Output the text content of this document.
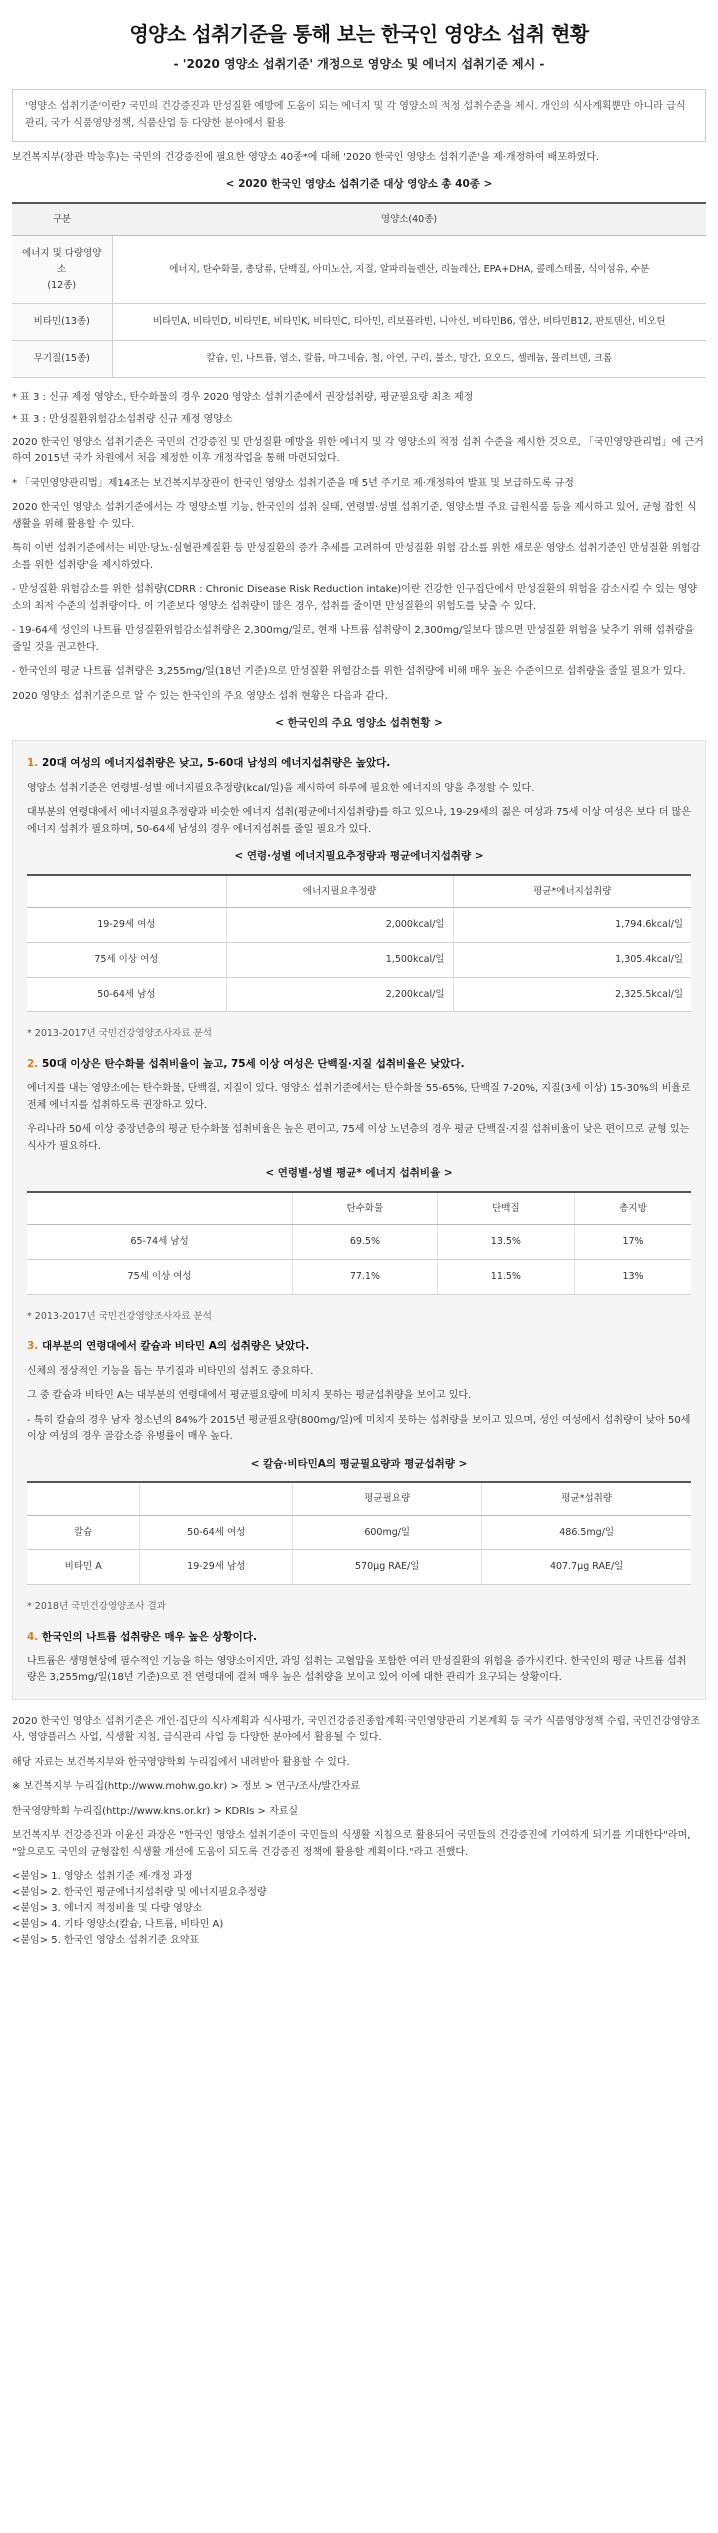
영양소 섭취기준을 통해 보는 한국인 영양소 섭취 현황
- '2020 영양소 섭취기준' 개정으로 영양소 및 에너지 섭취기준 제시 -
'영양소 섭취기준'이란? 국민의 건강증진과 만성질환 예방에 도움이 되는 에너지 및 각 영양소의 적정 섭취수준을 제시. 개인의 식사계획뿐만 아니라 급식관리, 국가 식품영양정책, 식품산업 등 다양한 분야에서 활용

보건복지부(장관 박능후)는 국민의 건강증진에 필요한 영양소 40종*에 대해 '2020 한국인 영양소 섭취기준'을 제·개정하여 배포하였다.

< 2020 한국인 영양소 섭취기준 대상 영양소 총 40종 >
구분	영양소(40종)
에너지 및 다량영양소
(12종)	에너지, 탄수화물, 총당류, 단백질, 아미노산, 지질, 알파리놀렌산, 리놀레산, EPA+DHA, 콜레스테롤, 식이섬유, 수분
비타민(13종)	비타민A, 비타민D, 비타민E, 비타민K, 비타민C, 티아민, 리보플라빈, 니아신, 비타민B6, 엽산, 비타민B12, 판토텐산, 비오틴
무기질(15종)	칼슘, 인, 나트륨, 염소, 칼륨, 마그네슘, 철, 아연, 구리, 불소, 망간, 요오드, 셀레늄, 몰리브덴, 크롬

* 표 3 : 신규 제정 영양소, 탄수화물의 경우 2020 영양소 섭취기준에서 권장섭취량, 평균필요량 최초 제정

* 표 3 : 만성질환위험감소섭취량 신규 제정 영양소

2020 한국인 영양소 섭취기준은 국민의 건강증진 및 만성질환 예방을 위한 에너지 및 각 영양소의 적정 섭취 수준을 제시한 것으로, 「국민영양관리법」에 근거하여 2015년 국가 차원에서 처음 제정한 이후 개정작업을 통해 마련되었다.

* 「국민영양관리법」제14조는 보건복지부장관이 한국인 영양소 섭취기준을 매 5년 주기로 제·개정하여 발표 및 보급하도록 규정

2020 한국인 영양소 섭취기준에서는 각 영양소별 기능, 한국인의 섭취 실태, 연령별·성별 섭취기준, 영양소별 주요 급원식품 등을 제시하고 있어, 균형 잡힌 식생활을 위해 활용할 수 있다.

특히 이번 섭취기준에서는 비만·당뇨·심혈관계질환 등 만성질환의 증가 추세를 고려하여 만성질환 위험 감소를 위한 새로운 영양소 섭취기준인 만성질환 위험감소를 위한 섭취량'을 제시하였다.

- 만성질환 위험감소를 위한 섭취량(CDRR : Chronic Disease Risk Reduction intake)이란 건강한 인구집단에서 만성질환의 위험을 감소시킬 수 있는 영양소의 최저 수준의 섭취량이다. 이 기준보다 영양소 섭취량이 많은 경우, 섭취를 줄이면 만성질환의 위험도를 낮출 수 있다.

- 19-64세 성인의 나트륨 만성질환위험감소섭취량은 2,300mg/일로, 현재 나트륨 섭취량이 2,300mg/일보다 많으면 만성질환 위험을 낮추기 위해 섭취량을 줄일 것을 권고한다.

- 한국인의 평균 나트륨 섭취량은 3,255mg/일(18년 기준)으로 만성질환 위험감소를 위한 섭취량에 비해 매우 높은 수준이므로 섭취량을 줄일 필요가 있다.

2020 영양소 섭취기준으로 알 수 있는 한국인의 주요 영양소 섭취 현황은 다음과 같다.

< 한국인의 주요 영양소 섭취현황 >
1. 20대 여성의 에너지섭취량은 낮고, 5-60대 남성의 에너지섭취량은 높았다.

영양소 섭취기준은 연령별·성별 에너지필요추정량(kcal/일)을 제시하여 하루에 필요한 에너지의 양을 추정할 수 있다.

대부분의 연령대에서 에너지필요추정량과 비슷한 에너지 섭취(평균에너지섭취량)를 하고 있으나, 19-29세의 젊은 여성과 75세 이상 여성은 보다 더 많은 에너지 섭취가 필요하며, 50-64세 남성의 경우 에너지섭취를 줄일 필요가 있다.

< 연령·성별 에너지필요추정량과 평균에너지섭취량 >
	에너지필요추정량	평균*에너지섭취량
19-29세 여성	2,000kcal/일	1,794.6kcal/일
75세 이상 여성	1,500kcal/일	1,305.4kcal/일
50-64세 남성	2,200kcal/일	2,325.5kcal/일

* 2013-2017년 국민건강영양조사자료 분석

2. 50대 이상은 탄수화물 섭취비율이 높고, 75세 이상 여성은 단백질·지질 섭취비율은 낮았다.

에너지를 내는 영양소에는 탄수화물, 단백질, 지질이 있다. 영양소 섭취기준에서는 탄수화물 55-65%, 단백질 7-20%, 지질(3세 이상) 15-30%의 비율로 전체 에너지를 섭취하도록 권장하고 있다.

우리나라 50세 이상 중장년층의 평균 탄수화물 섭취비율은 높은 편이고, 75세 이상 노년층의 경우 평균 단백질·지질 섭취비율이 낮은 편이므로 균형 있는 식사가 필요하다.

< 연령별·성별 평균* 에너지 섭취비율 >
	탄수화물	단백질	총지방
65-74세 남성	69.5%	13.5%	17%
75세 이상 여성	77.1%	11.5%	13%

* 2013-2017년 국민건강영양조사자료 분석

3. 대부분의 연령대에서 칼슘과 비타민 A의 섭취량은 낮았다.

신체의 정상적인 기능을 돕는 무기질과 비타민의 섭취도 중요하다.

그 중 칼슘과 비타민 A는 대부분의 연령대에서 평균필요량에 미치지 못하는 평균섭취량을 보이고 있다.

- 특히 칼슘의 경우 남자 청소년의 84%가 2015년 평균필요량(800mg/일)에 미치지 못하는 섭취량을 보이고 있으며, 성인 여성에서 섭취량이 낮아 50세 이상 여성의 경우 골감소증 유병률이 매우 높다.

< 칼슘·비타민A의 평균필요량과 평균섭취량 >
		평균필요량	평균*섭취량
칼슘	50-64세 여성	600mg/일	486.5mg/일
비타민 A	19-29세 남성	570μg RAE/일	407.7μg RAE/일

* 2018년 국민건강영양조사 결과

4. 한국인의 나트륨 섭취량은 매우 높은 상황이다.

나트륨은 생명현상에 필수적인 기능을 하는 영양소이지만, 과잉 섭취는 고혈압을 포함한 여러 만성질환의 위험을 증가시킨다. 한국인의 평균 나트륨 섭취량은 3,255mg/일(18년 기준)으로 전 연령대에 걸쳐 매우 높은 섭취량을 보이고 있어 이에 대한 관리가 요구되는 상황이다.

2020 한국인 영양소 섭취기준은 개인·집단의 식사계획과 식사평가, 국민건강증진종합계획·국민영양관리 기본계획 등 국가 식품영양정책 수립, 국민건강영양조사, 영양플러스 사업, 식생활 지침, 급식관리 사업 등 다양한 분야에서 활용될 수 있다.

해당 자료는 보건복지부와 한국영양학회 누리집에서 내려받아 활용할 수 있다.

※ 보건복지부 누리집(http://www.mohw.go.kr) > 정보 > 연구/조사/발간자료

한국영양학회 누리집(http://www.kns.or.kr) > KDRIs > 자료실

보건복지부 건강증진과 이윤신 과장은 "한국인 영양소 섭취기준이 국민들의 식생활 지침으로 활용되어 국민들의 건강증진에 기여하게 되기를 기대한다"라며, "앞으로도 국민의 균형잡힌 식생활 개선에 도움이 되도록 건강증진 정책에 활용할 계획이다."라고 전했다.

<붙임> 1. 영양소 섭취기준 제·개정 과정

<붙임> 2. 한국인 평균에너지섭취량 및 에너지필요추정량

<붙임> 3. 에너지 적정비율 및 다량 영양소

<붙임> 4. 기타 영양소(칼슘, 나트륨, 비타민 A)

<붙임> 5. 한국인 영양소 섭취기준 요약표
